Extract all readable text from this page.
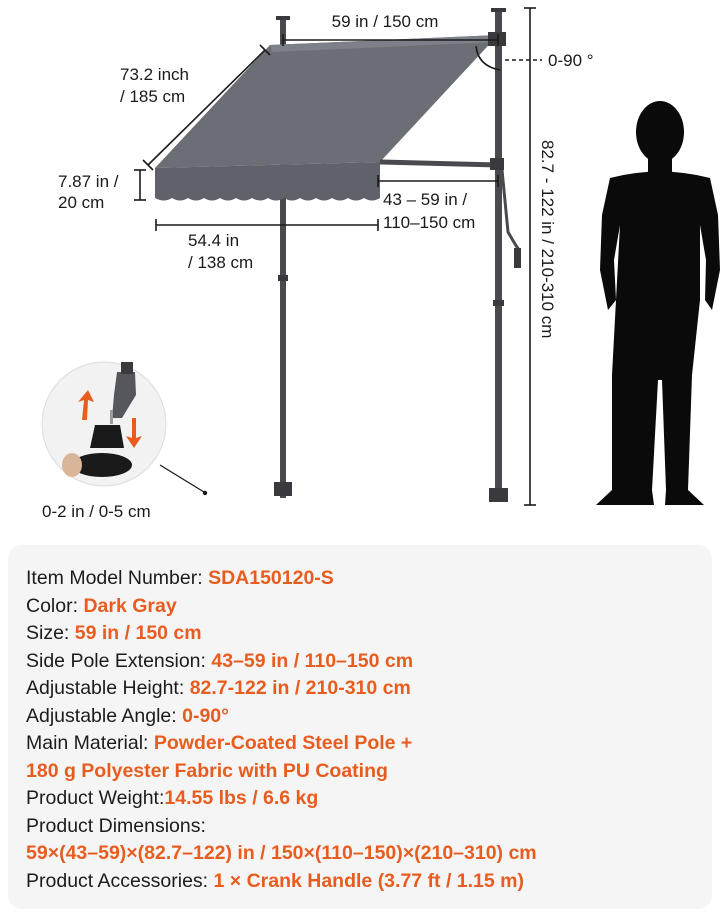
59 in / 150 cm
73.2 inch
/ 185 cm
7.87 in /
20 cm
54.4 in
/ 138 cm
43 – 59 in /
110–150 cm
0-90 °
82.7 - 122 in / 210-310 cm
0-2 in / 0-5 cm
Item Model Number: SDA150120-S
Color: Dark Gray
Size: 59 in / 150 cm
Side Pole Extension: 43–59 in / 110–150 cm
Adjustable Height: 82.7-122 in / 210-310 cm
Adjustable Angle: 0-90°
Main Material: Powder-Coated Steel Pole +
180 g Polyester Fabric with PU Coating
Product Weight:14.55 lbs / 6.6 kg
Product Dimensions:
59×(43–59)×(82.7–122) in / 150×(110–150)×(210–310) cm
Product Accessories: 1 × Crank Handle (3.77 ft / 1.15 m)
